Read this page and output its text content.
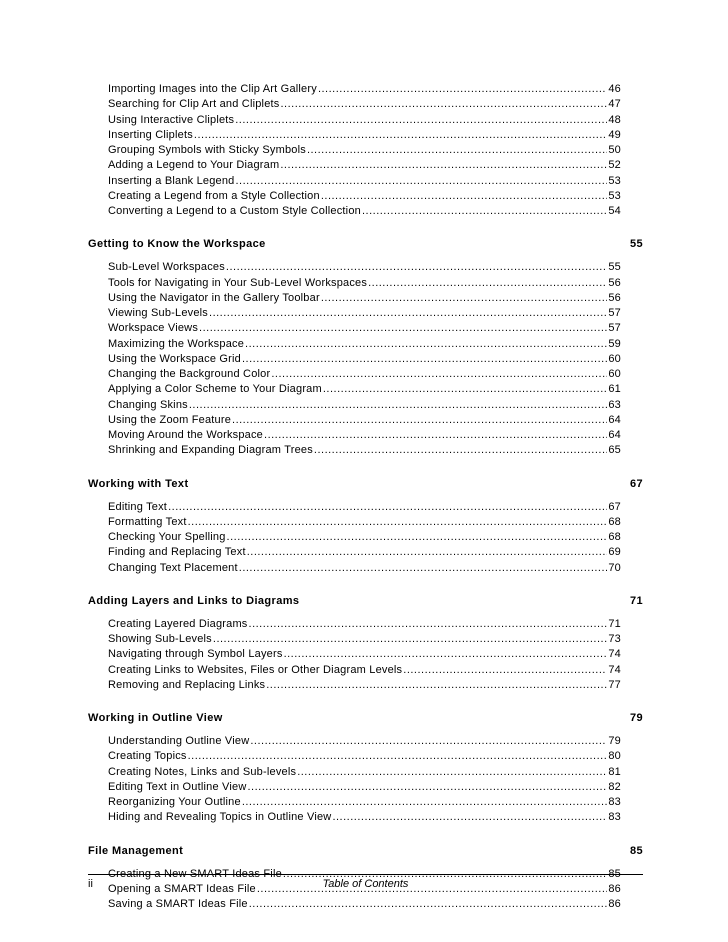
Importing Images into the Clip Art Gallery .....	46
Searching for Clip Art and Cliplets .....	47
Using Interactive Cliplets .....	48
Inserting Cliplets .....	49
Grouping Symbols with Sticky Symbols .....	50
Adding a Legend to Your Diagram .....	52
Inserting a Blank Legend .....	53
Creating a Legend from a Style Collection .....	53
Converting a Legend to a Custom Style Collection .....	54
Getting to Know the Workspace	55
Sub-Level Workspaces .....	55
Tools for Navigating in Your Sub-Level Workspaces .....	56
Using the Navigator in the Gallery Toolbar .....	56
Viewing Sub-Levels .....	57
Workspace Views .....	57
Maximizing the Workspace .....	59
Using the Workspace Grid .....	60
Changing the Background Color .....	60
Applying a Color Scheme to Your Diagram .....	61
Changing Skins .....	63
Using the Zoom Feature .....	64
Moving Around the Workspace .....	64
Shrinking and Expanding Diagram Trees .....	65
Working with Text	67
Editing Text .....	67
Formatting Text .....	68
Checking Your Spelling .....	68
Finding and Replacing Text .....	69
Changing Text Placement .....	70
Adding Layers and Links to Diagrams	71
Creating Layered Diagrams .....	71
Showing Sub-Levels .....	73
Navigating through Symbol Layers .....	74
Creating Links to Websites, Files or Other Diagram Levels .....	74
Removing and Replacing Links .....	77
Working in Outline View	79
Understanding Outline View .....	79
Creating Topics .....	80
Creating Notes, Links and Sub-levels .....	81
Editing Text in Outline View .....	82
Reorganizing Your Outline .....	83
Hiding and Revealing Topics in Outline View .....	83
File Management	85
Creating a New SMART Ideas File .....	85
Opening a SMART Ideas File .....	86
Saving a SMART Ideas File .....	86
ii	Table of Contents
